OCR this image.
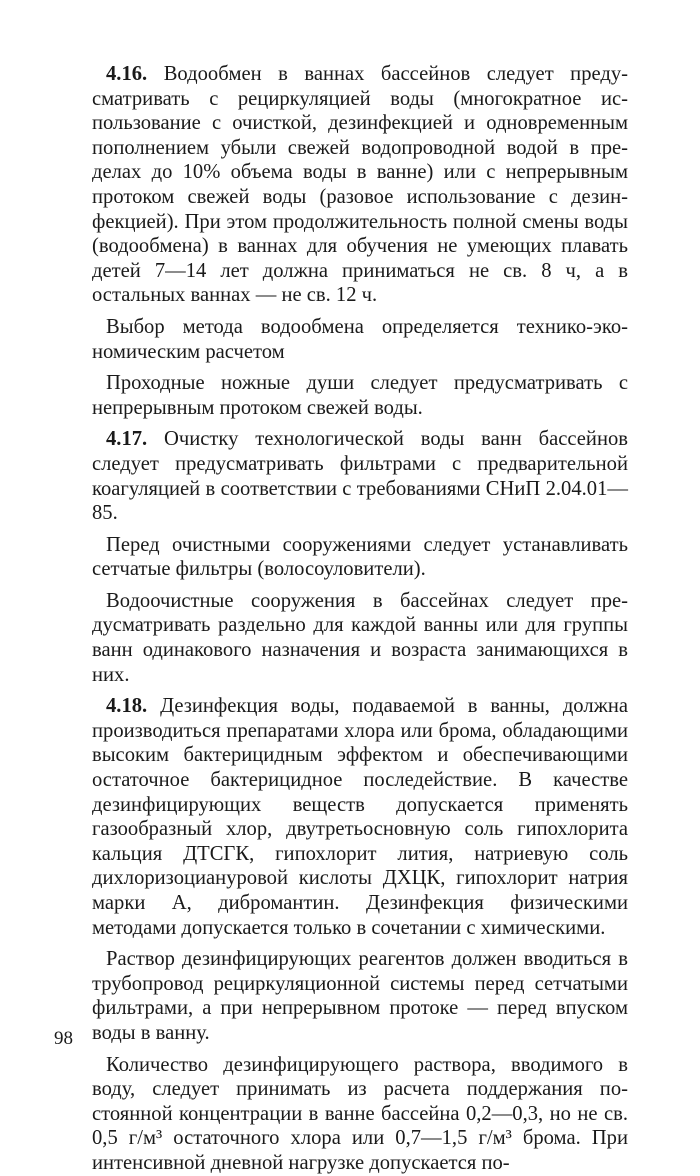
4.16. Водообмен в ваннах бассейнов следует предусматривать с рециркуляцией воды (многократное использование с очисткой, дезинфекцией и одновременным пополнением убыли свежей водопроводной водой в пределах до 10% объема воды в ванне) или с непрерывным протоком свежей воды (разовое использование с дезинфекцией). При этом продолжительность полной смены воды (водообмена) в ваннах для обучения не умеющих плавать детей 7—14 лет должна приниматься не св. 8 ч, а в остальных ваннах — не св. 12 ч.

Выбор метода водообмена определяется технико-экономическим расчетом

Проходные ножные души следует предусматривать с непрерывным протоком свежей воды.

4.17. Очистку технологической воды ванн бассейнов следует предусматривать фильтрами с предварительной коагуляцией в соответствии с требованиями СНиП 2.04.01—85.

Перед очистными сооружениями следует устанавливать сетчатые фильтры (волосоуловители).

Водоочистные сооружения в бассейнах следует предусматривать раздельно для каждой ванны или для группы ванн одинакового назначения и возраста занимающихся в них.

4.18. Дезинфекция воды, подаваемой в ванны, должна производиться препаратами хлора или брома, обладающими высоким бактерицидным эффектом и обеспечивающими остаточное бактерицидное последействие. В качестве дезинфицирующих веществ допускается применять газообразный хлор, двутретьосновную соль гипохлорита кальция ДТСГК, гипохлорит лития, натриевую соль дихлоризоциануровой кислоты ДХЦК, гипохлорит натрия марки А, дибромантин. Дезинфекция физическими методами допускается только в сочетании с химическими.

Раствор дезинфицирующих реагентов должен вводиться в трубопровод рециркуляционной системы перед сетчатыми фильтрами, а при непрерывном протоке — перед впуском воды в ванну.

Количество дезинфицирующего раствора, вводимого в воду, следует принимать из расчета поддержания постоянной концентрации в ванне бассейна 0,2—0,3, но не св. 0,5 г/м³ остаточного хлора или 0,7—1,5 г/м³ брома. При интенсивной дневной нагрузке допускается по-

98
